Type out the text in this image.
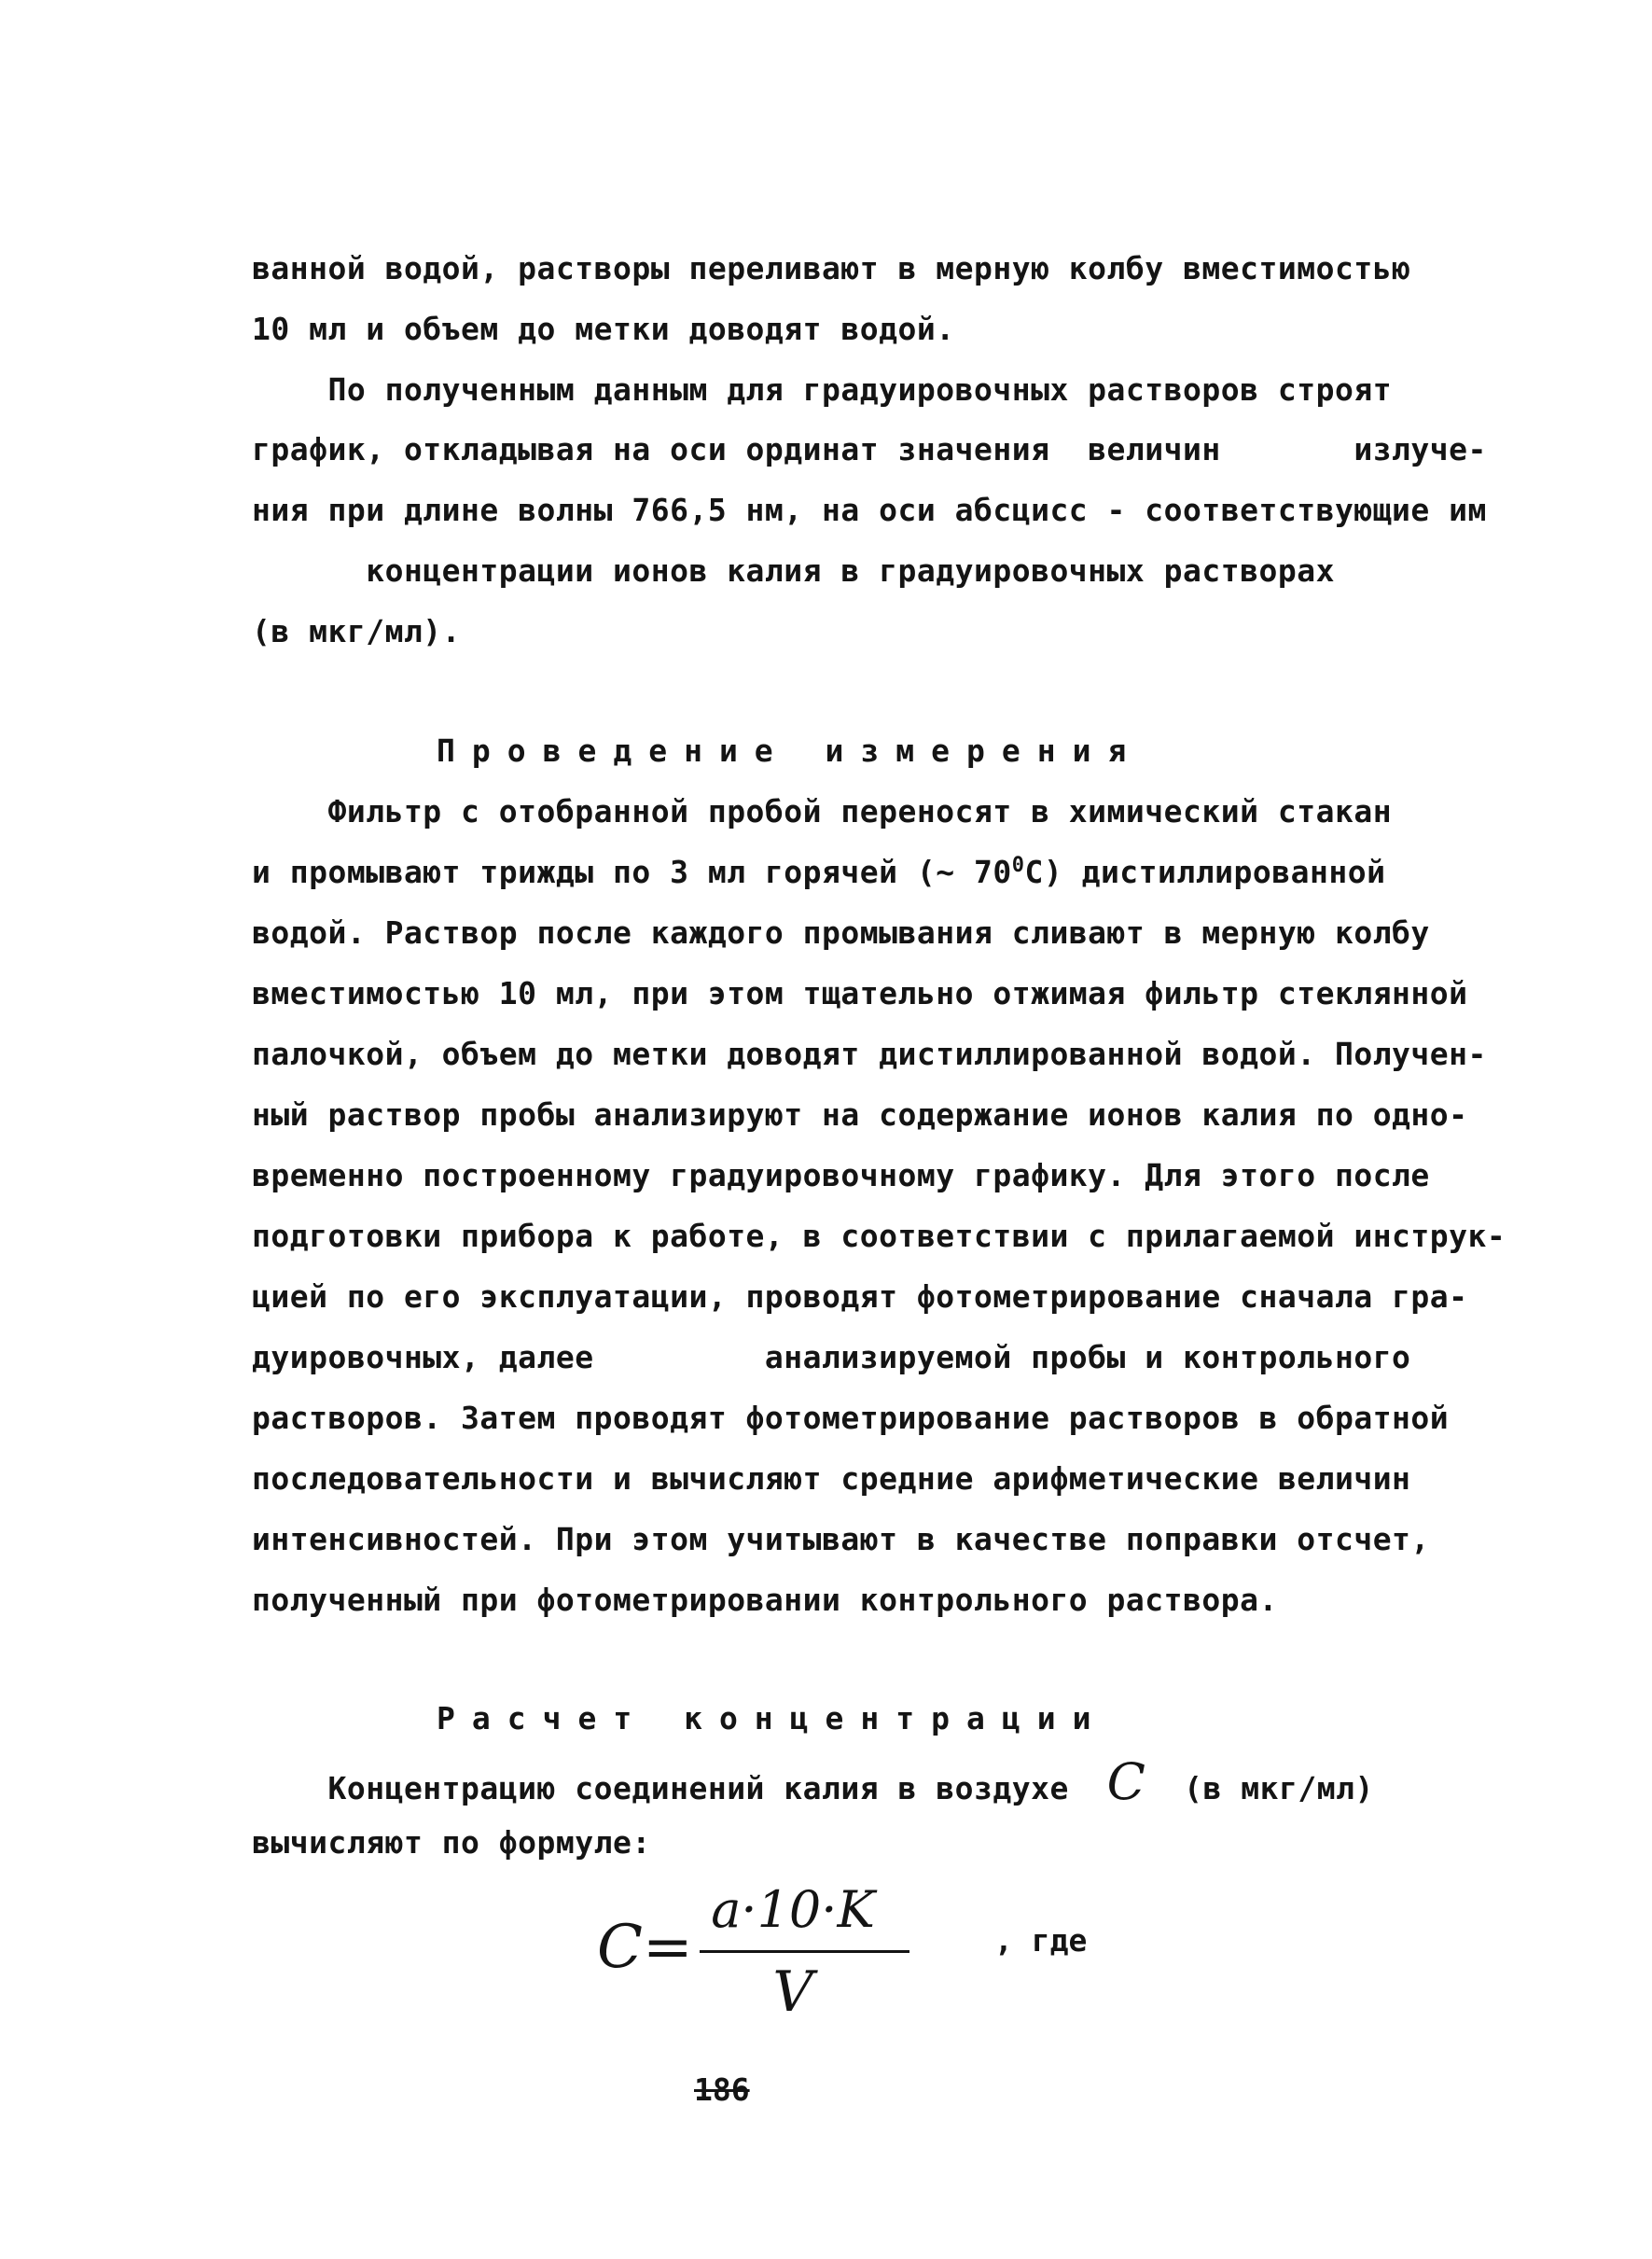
ванной водой, растворы переливают в мерную колбу вместимостью
10 мл и объем до метки доводят водой.
По полученным данным для градуировочных растворов строят
график, откладывая на оси ординат значения  величин       излуче-
ния при длине волны 766,5 нм, на оси абсцисс - соответствующие им
концентрации ионов калия в градуировочных растворах
(в мкг/мл).
Проведение измерения
Фильтр с отобранной пробой переносят в химический стакан
и промывают трижды по 3 мл горячей (~ $70^0С$) дистиллированной
водой. Раствор после каждого промывания сливают в мерную колбу
вместимостью 10 мл, при этом тщательно отжимая фильтр стеклянной
палочкой, объем до метки доводят дистиллированной водой. Получен-
ный раствор пробы анализируют на содержание ионов калия по одно-
временно построенному градуировочному графику. Для этого после
подготовки прибора к работе, в соответствии с прилагаемой инструк-
цией по его эксплуатации, проводят фотометрирование сначала гра-
дуировочных, далее         анализируемой пробы и контрольного
растворов. Затем проводят фотометрирование растворов в обратной
последовательности и вычисляют средние арифметические величин
интенсивностей. При этом учитывают в качестве поправки отсчет,
полученный при фотометрировании контрольного раствора.
Расчет концентрации
Концентрацию соединений калия в воздухе С (в мкг/мл)
вычисляют по формуле:
С=
a·10·K
V
, где
186
